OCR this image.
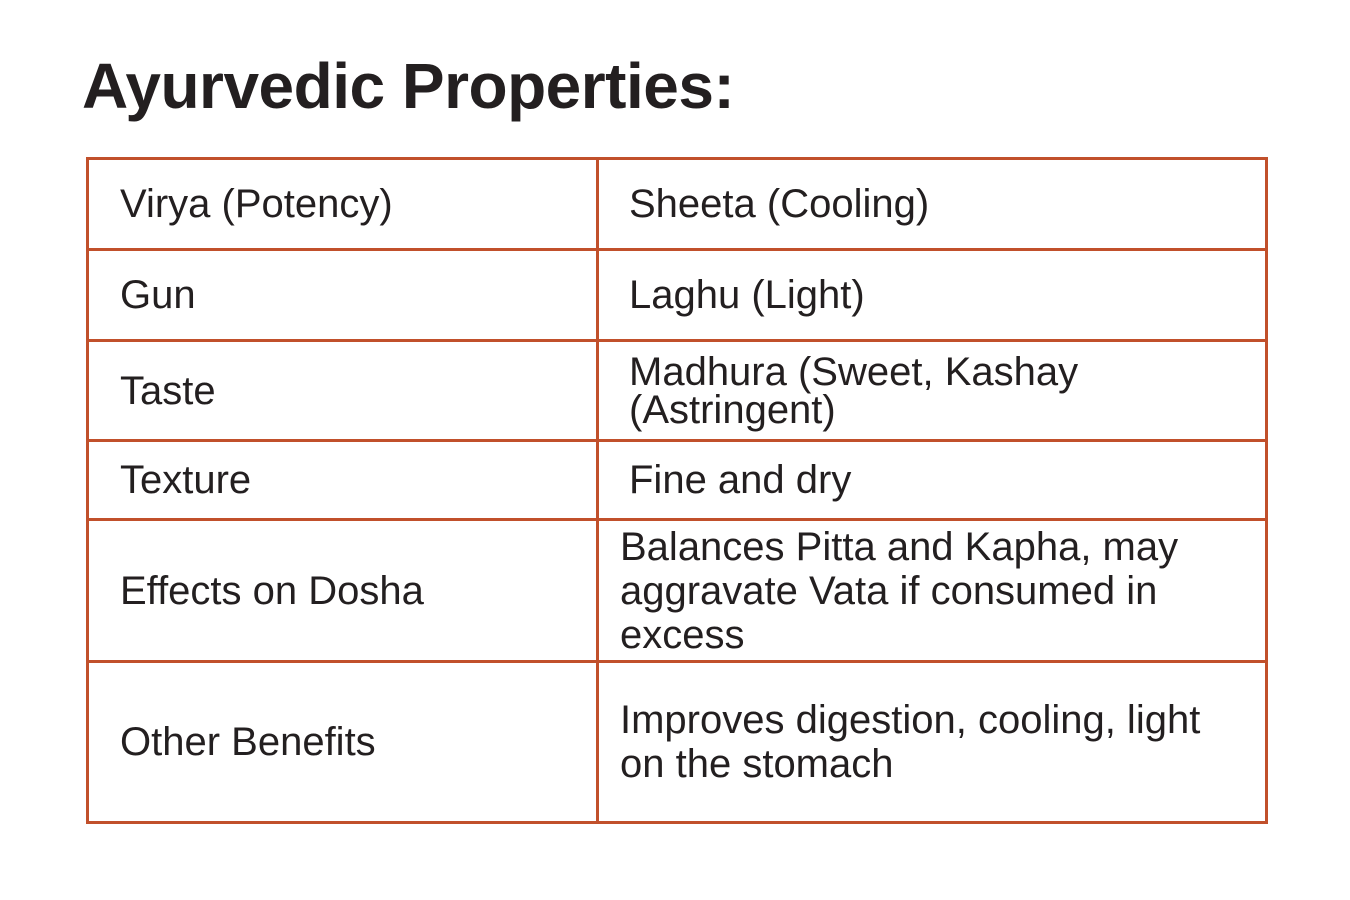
Ayurvedic Properties:
Virya (Potency)	Sheeta (Cooling)

Gun	Laghu (Light)

Taste	Madhura (Sweet, Kashay (Astringent)

Texture	Fine and dry

Effects on Dosha	Balances Pitta and Kapha, may aggravate Vata if consumed in excess

Other Benefits	Improves digestion, cooling, light on the stomach
